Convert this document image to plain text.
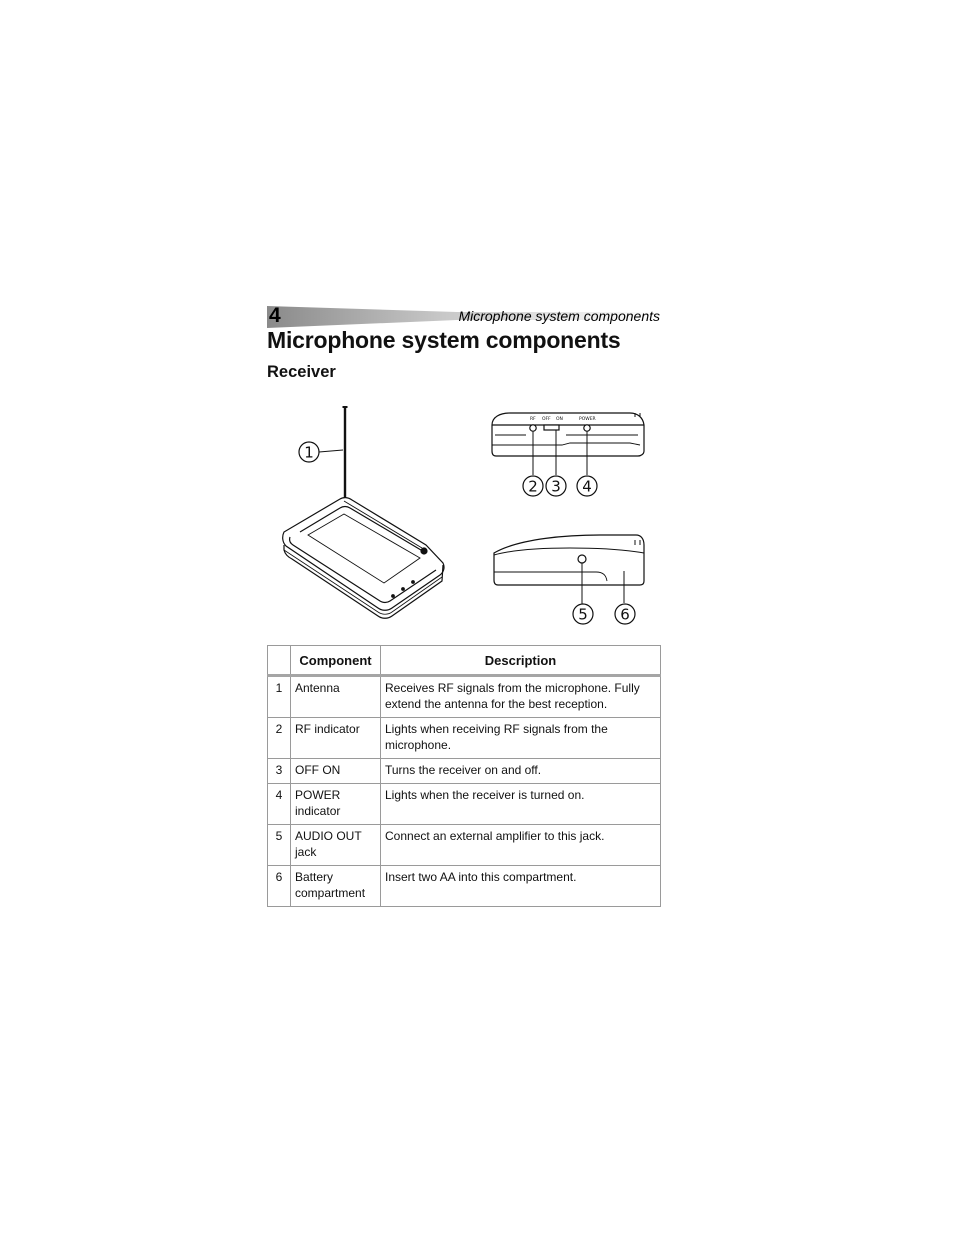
4	Microphone system components
Microphone system components
Receiver
RF OFF ON	POWER
1
2 3 4
5 6
	Component	Description
1	Antenna	Receives RF signals from the microphone. Fully extend the antenna for the best reception.
2	RF indicator	Lights when receiving RF signals from the microphone.
3	OFF ON	Turns the receiver on and off.
4	POWER indicator	Lights when the receiver is turned on.
5	AUDIO OUT jack	Connect an external amplifier to this jack.
6	Battery compartment	Insert two AA into this compartment.
